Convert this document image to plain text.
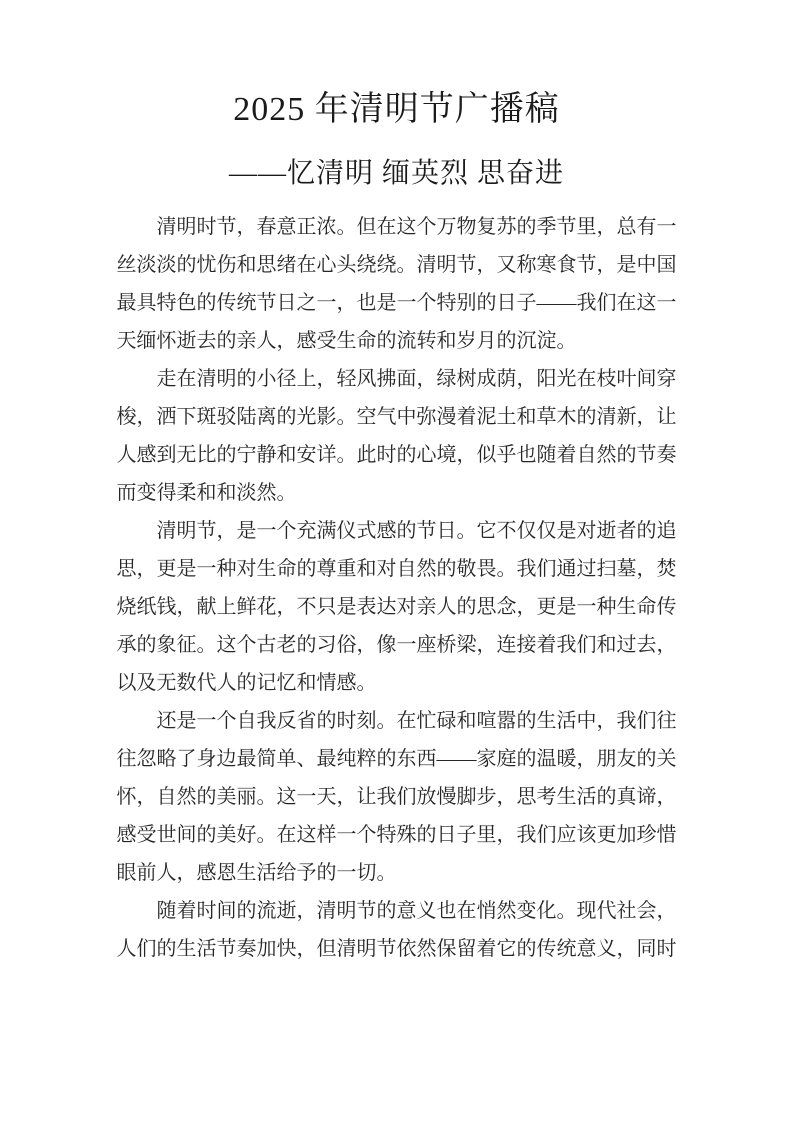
2025 年清明节广播稿
——忆清明 缅英烈 思奋进

清明时节，春意正浓。但在这个万物复苏的季节里，总有一丝淡淡的忧伤和思绪在心头绕绕。清明节，又称寒食节，是中国最具特色的传统节日之一，也是一个特别的日子——我们在这一天缅怀逝去的亲人，感受生命的流转和岁月的沉淀。

走在清明的小径上，轻风拂面，绿树成荫，阳光在枝叶间穿梭，洒下斑驳陆离的光影。空气中弥漫着泥土和草木的清新，让人感到无比的宁静和安详。此时的心境，似乎也随着自然的节奏而变得柔和和淡然。

清明节，是一个充满仪式感的节日。它不仅仅是对逝者的追思，更是一种对生命的尊重和对自然的敬畏。我们通过扫墓，焚烧纸钱，献上鲜花，不只是表达对亲人的思念，更是一种生命传承的象征。这个古老的习俗，像一座桥梁，连接着我们和过去，以及无数代人的记忆和情感。

还是一个自我反省的时刻。在忙碌和喧嚣的生活中，我们往往忽略了身边最简单、最纯粹的东西——家庭的温暖，朋友的关怀，自然的美丽。这一天，让我们放慢脚步，思考生活的真谛，感受世间的美好。在这样一个特殊的日子里，我们应该更加珍惜眼前人，感恩生活给予的一切。

随着时间的流逝，清明节的意义也在悄然变化。现代社会，人们的生活节奏加快，但清明节依然保留着它的传统意义，同时
